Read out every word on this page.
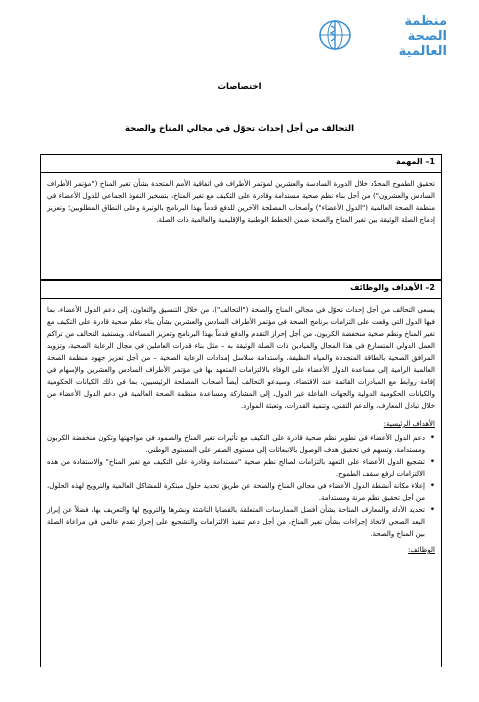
منظمة
الصحة العالمية
اختصاصات
التحالف من أجل إحداث تحوّل في مجالي المناخ والصحة
1– المهمة
تحقيق الطموح المحدّد خلال الدورة السادسة والعشرين لمؤتمر الأطراف في اتفاقية الأمم المتحدة بشأن تغير المناخ ("مؤتمر الأطراف السادس والعشرون") من أجل بناء نظم صحية مستدامة وقادرة على التكيف مع تغير المناخ، بتسخير النفوذ الجماعي للدول الأعضاء في منظمة الصحة العالمية ("الدول الأعضاء") وأصحاب المصلحة الآخرين للدفع قدماً بهذا البرنامج بالوتيرة وعلى النطاق المطلوبين؛ وتعزيز إدماج الصلة الوثيقة بين تغير المناخ والصحة ضمن الخطط الوطنية والإقليمية والعالمية ذات الصلة.
2– الأهداف والوظائف
يسعى التحالف من أجل إحداث تحوّل في مجالي المناخ والصحة ("التحالف")، من خلال التنسيق والتعاون، إلى دعم الدول الأعضاء، بما فيها الدول التي وقعت على التزامات برنامج الصحة في مؤتمر الأطراف السادس والعشرين بشأن بناء نظم صحية قادرة على التكيف مع تغير المناخ ونظم صحية منخفضة الكربون، من أجل إحراز التقدم والدفع قدماً بهذا البرنامج وتعزيز المساءلة. ويستفيد التحالف من تراكم العمل الدولي المتسارع في هذا المجال والميادين ذات الصلة الوثيقة به – مثل بناء قدرات العاملين في مجال الرعاية الصحية، وتزويد المرافق الصحية بالطاقة المتجددة والمياه النظيفة، واستدامة سلاسل إمدادات الرعاية الصحية – من أجل تعزيز جهود منظمة الصحة العالمية الرامية إلى مساعدة الدول الأعضاء على الوفاء بالالتزامات المتعهد بها في مؤتمر الأطراف السادس والعشرين والإسهام في إقامة روابط مع المبادرات القائمة عند الاقتضاء. وسيدعو التحالف أيضاً أصحاب المصلحة الرئيسيين، بما في ذلك الكيانات الحكومية والكيانات الحكومية الدولية والجهات الفاعلة غير الدول، إلى المشاركة ومساعدة منظمة الصحة العالمية في دعم الدول الأعضاء من خلال تبادل المعارف، والدعم التقني، وتنمية القدرات، وتعبئة الموارد.
الأهداف الرئيسية:
• دعم الدول الأعضاء في تطوير نظم صحية قادرة على التكيف مع تأثيرات تغير المناخ والصمود في مواجهتها وتكون منخفضة الكربون ومستدامة، وتسهم في تحقيق هدف الوصول بالانبعاثات إلى مستوى الصفر على المستوى الوطني.
• تشجيع الدول الأعضاء على التعهد بالتزامات لصالح نظم صحية "مستدامة وقادرة على التكيف مع تغير المناخ" والاستفادة من هذه الالتزامات لرفع سقف الطموح.
• إعلاء مكانة أنشطة الدول الأعضاء في مجالي المناخ والصحة عن طريق تحديد حلول مبتكرة للمشاكل العالمية والترويج لهذه الحلول، من أجل تحقيق نظم مرنة ومستدامة.
• تحديد الأدلة والمعارف المتاحة بشأن أفضل الممارسات المتعلقة بالقضايا الناشئة ونشرها والترويج لها والتعريف بها، فضلاً عن إبراز البعد الصحي لاتخاذ إجراءات بشأن تغير المناخ، من أجل دعم تنفيذ الالتزامات والتشجيع على إحراز تقدم عالمي في مراعاة الصلة بين المناخ والصحة.
الوظائف:
